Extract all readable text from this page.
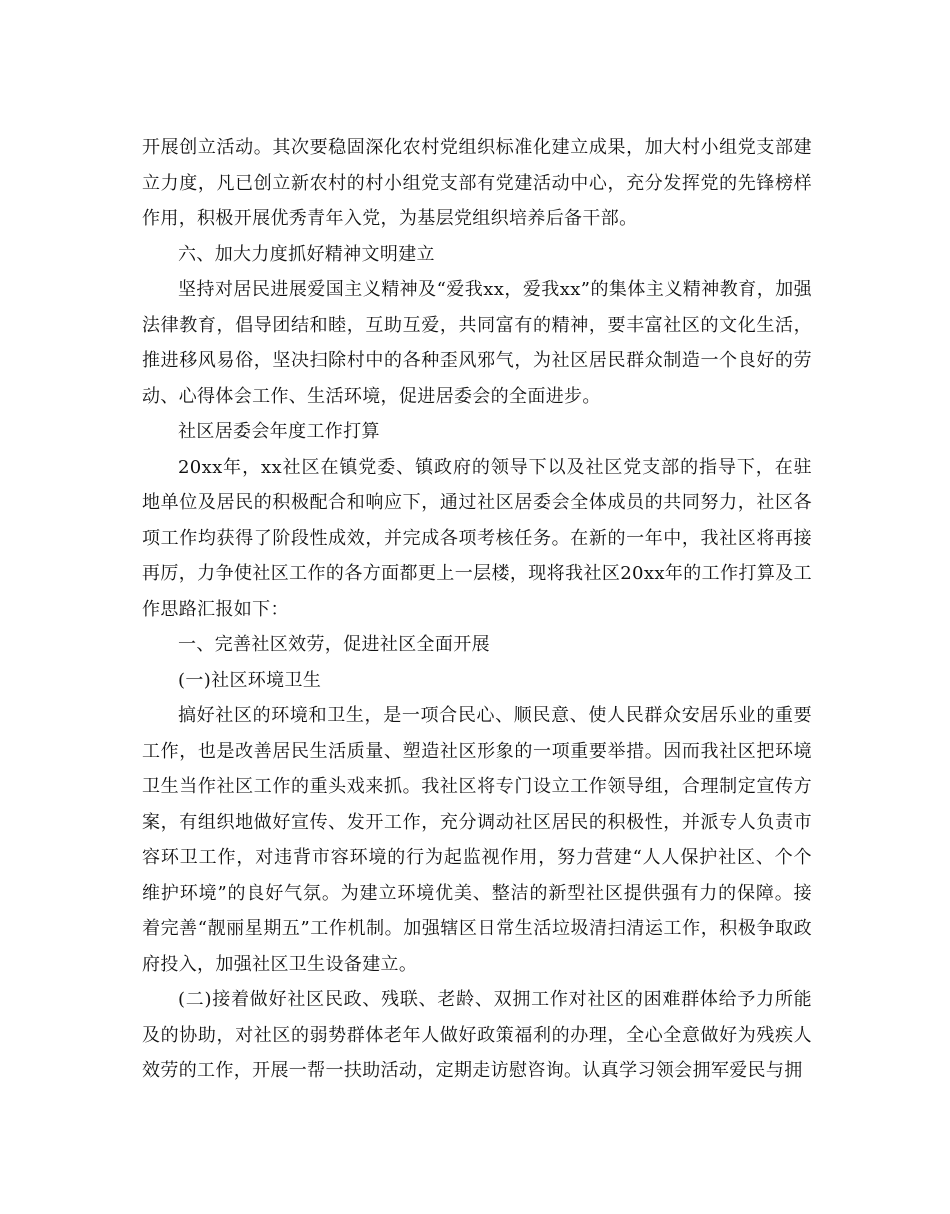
开展创立活动。其次要稳固深化农村党组织标准化建立成果，加大村小组党支部建立力度，凡已创立新农村的村小组党支部有党建活动中心，充分发挥党的先锋榜样作用，积极开展优秀青年入党，为基层党组织培养后备干部。

六、加大力度抓好精神文明建立

坚持对居民进展爱国主义精神及“爱我xx，爱我xx”的集体主义精神教育，加强法律教育，倡导团结和睦，互助互爱，共同富有的精神，要丰富社区的文化生活，推进移风易俗，坚决扫除村中的各种歪风邪气，为社区居民群众制造一个良好的劳动、心得体会工作、生活环境，促进居委会的全面进步。

社区居委会年度工作打算

20xx年，xx社区在镇党委、镇政府的领导下以及社区党支部的指导下，在驻地单位及居民的积极配合和响应下，通过社区居委会全体成员的共同努力，社区各项工作均获得了阶段性成效，并完成各项考核任务。在新的一年中，我社区将再接再厉，力争使社区工作的各方面都更上一层楼，现将我社区20xx年的工作打算及工作思路汇报如下：

一、完善社区效劳，促进社区全面开展

(一)社区环境卫生

搞好社区的环境和卫生，是一项合民心、顺民意、使人民群众安居乐业的重要工作，也是改善居民生活质量、塑造社区形象的一项重要举措。因而我社区把环境卫生当作社区工作的重头戏来抓。我社区将专门设立工作领导组，合理制定宣传方案，有组织地做好宣传、发开工作，充分调动社区居民的积极性，并派专人负责市容环卫工作，对违背市容环境的行为起监视作用，努力营建“人人保护社区、个个维护环境”的良好气氛。为建立环境优美、整洁的新型社区提供强有力的保障。接着完善“靓丽星期五”工作机制。加强辖区日常生活垃圾清扫清运工作，积极争取政府投入，加强社区卫生设备建立。

(二)接着做好社区民政、残联、老龄、双拥工作对社区的困难群体给予力所能及的协助，对社区的弱势群体老年人做好政策福利的办理，全心全意做好为残疾人效劳的工作，开展一帮一扶助活动，定期走访慰咨询。认真学习领会拥军爱民与拥
